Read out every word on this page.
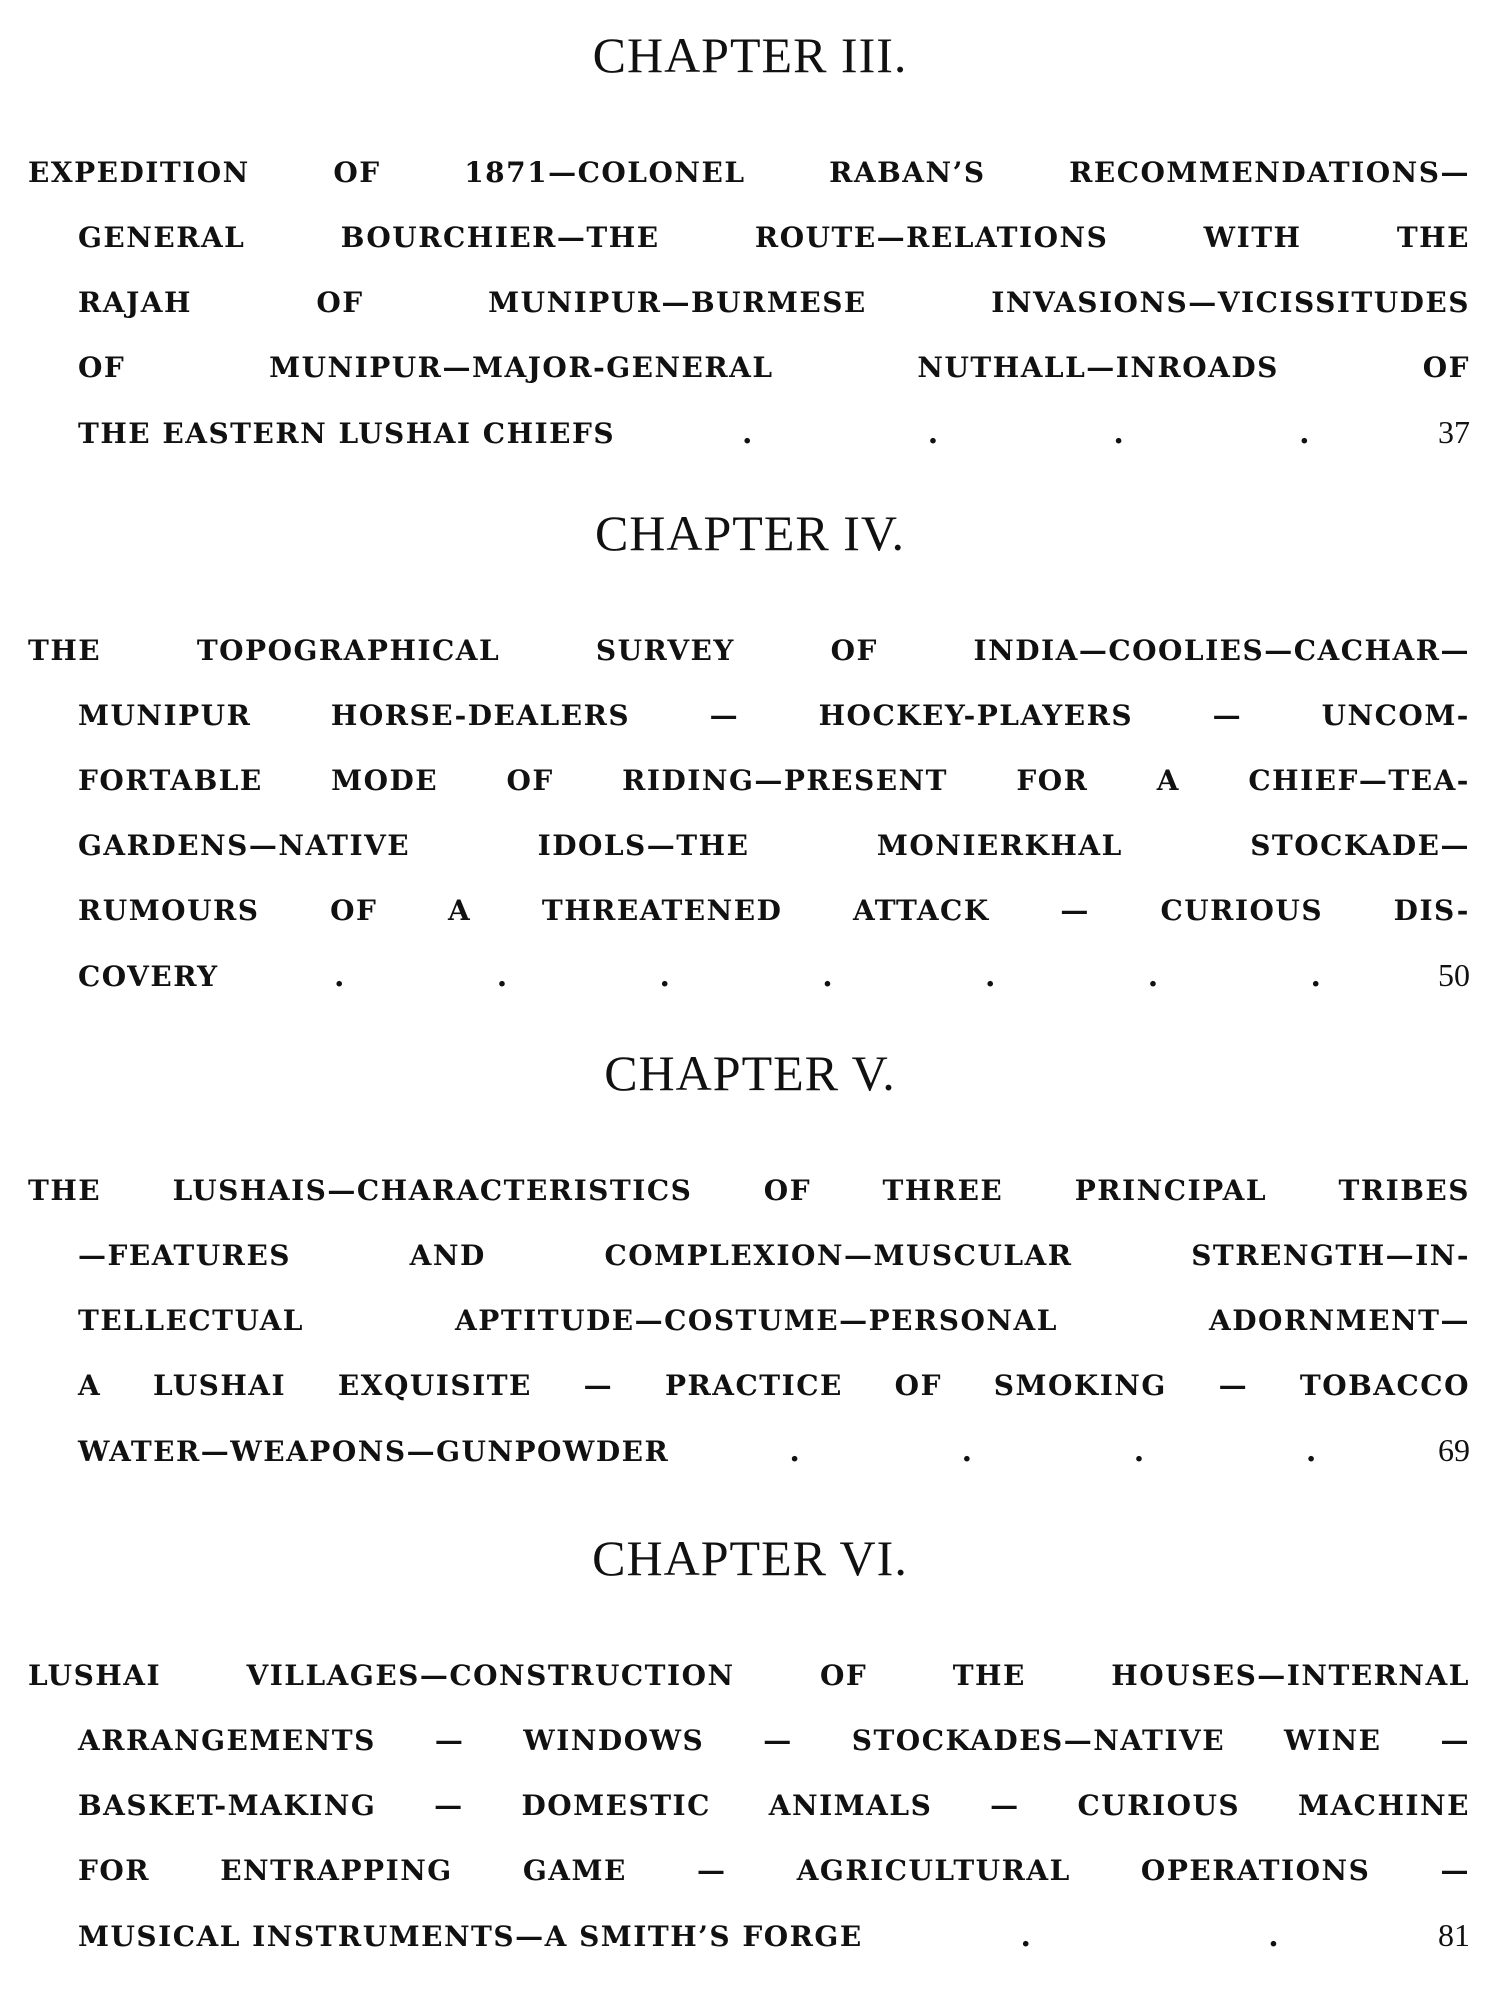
CHAPTER III.
EXPEDITION	OF	1871—COLONEL	RABAN’S	RECOMMENDATIONS—
GENERAL	BOURCHIER—THE	ROUTE—RELATIONS	WITH	THE
RAJAH	OF	MUNIPUR—BURMESE	INVASIONS—VICISSITUDES
OF	MUNIPUR—MAJOR-GENERAL	NUTHALL—INROADS	OF
THE EASTERN LUSHAI CHIEFS	.	.	.	.	37
CHAPTER IV.
THE	TOPOGRAPHICAL	SURVEY	OF	INDIA—COOLIES—CACHAR—
MUNIPUR	HORSE-DEALERS	—	HOCKEY-PLAYERS	—	UNCOM-
FORTABLE MODE OF RIDING—PRESENT FOR A CHIEF—TEA-
GARDENS—NATIVE	IDOLS—THE	MONIERKHAL	STOCKADE—
RUMOURS	OF	A	THREATENED	ATTACK	—	CURIOUS	DIS-
COVERY	.	.	.	.	.	.	.	50
CHAPTER V.
THE	LUSHAIS—CHARACTERISTICS	OF	THREE	PRINCIPAL	TRIBES
—FEATURES	AND	COMPLEXION—MUSCULAR	STRENGTH—IN-
TELLECTUAL	APTITUDE—COSTUME—PERSONAL	ADORNMENT—
A LUSHAI EXQUISITE — PRACTICE OF SMOKING — TOBACCO
WATER—WEAPONS—GUNPOWDER	.	.	.	.	69
CHAPTER VI.
LUSHAI	VILLAGES—CONSTRUCTION	OF	THE	HOUSES—INTERNAL
ARRANGEMENTS — WINDOWS — STOCKADES—NATIVE WINE —
BASKET-MAKING — DOMESTIC ANIMALS — CURIOUS MACHINE
FOR	ENTRAPPING	GAME	—	AGRICULTURAL	OPERATIONS	—
MUSICAL INSTRUMENTS—A SMITH’S FORGE	.	.	81
